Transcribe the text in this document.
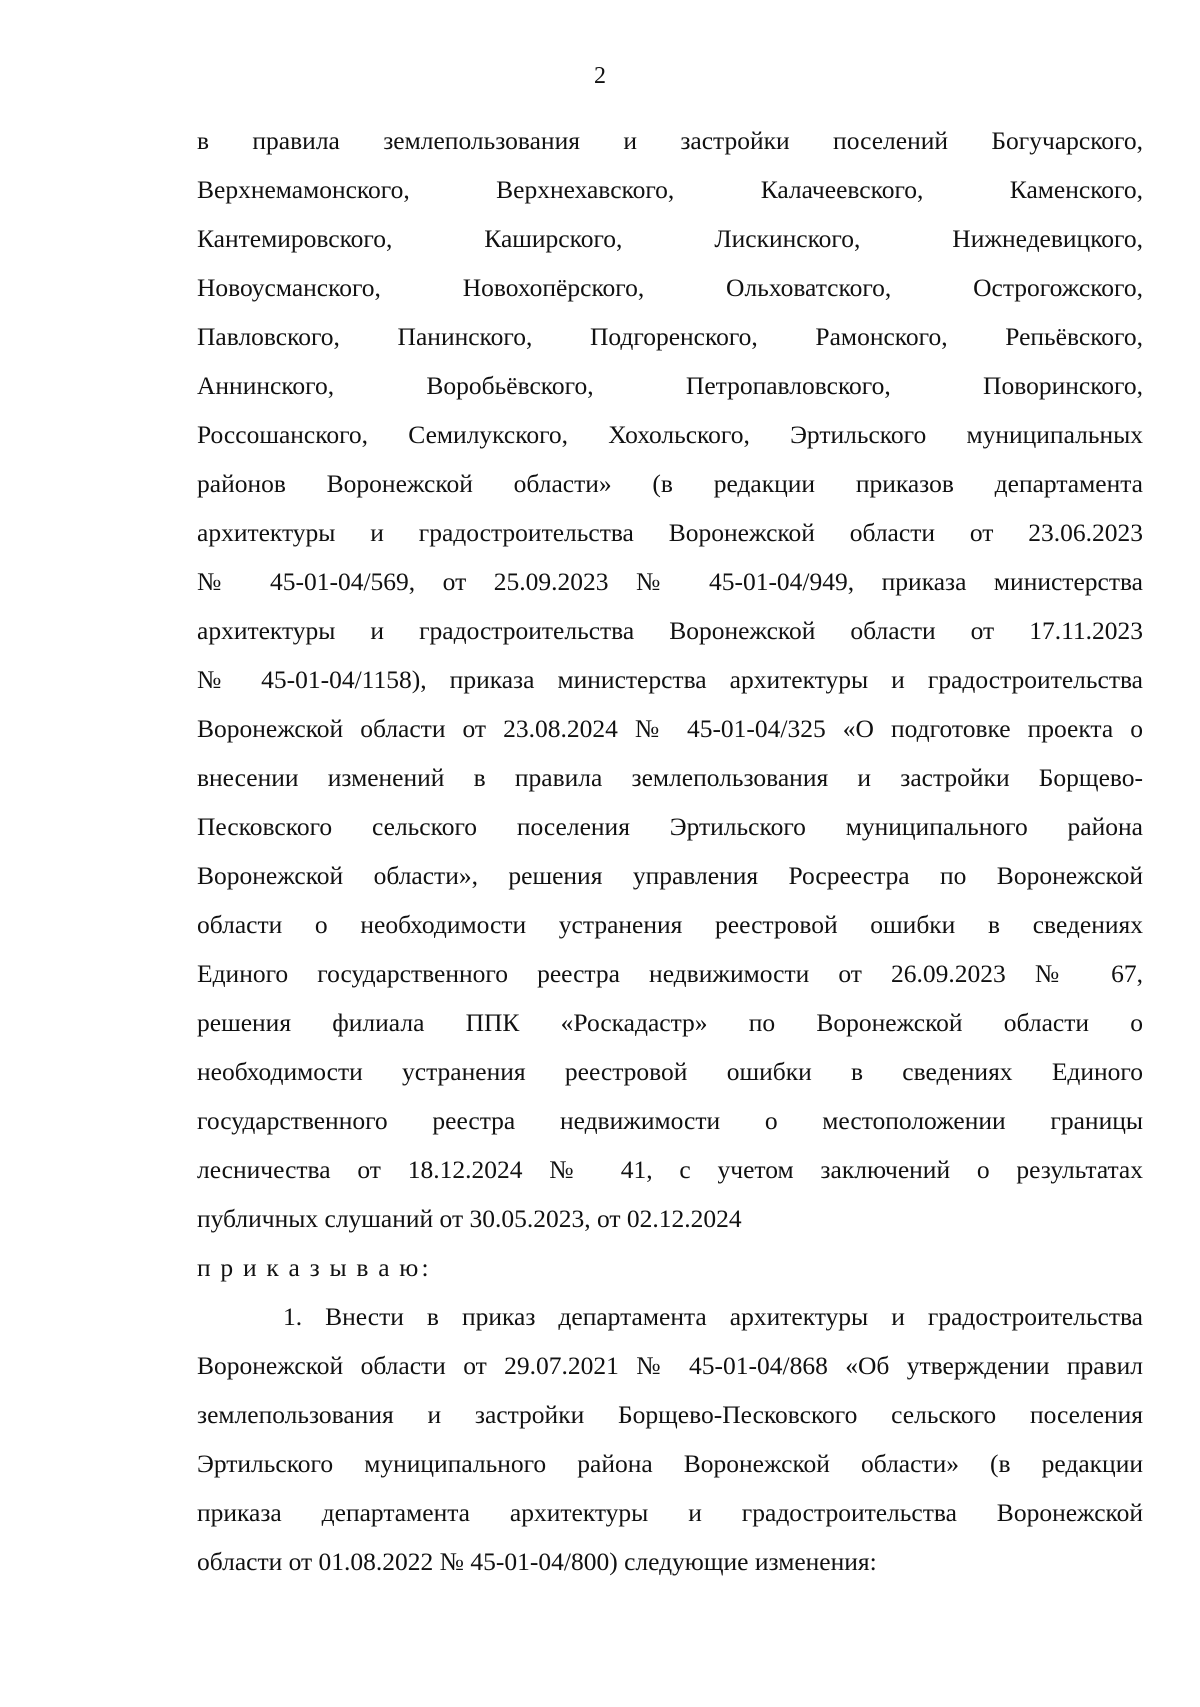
2
в правила землепользования и застройки поселений Богучарского,
Верхнемамонского, Верхнехавского, Калачеевского, Каменского,
Кантемировского, Каширского, Лискинского, Нижнедевицкого,
Новоусманского, Новохопёрского, Ольховатского, Острогожского,
Павловского, Панинского, Подгоренского, Рамонского, Репьёвского,
Аннинского, Воробьёвского, Петропавловского, Поворинского,
Россошанского, Семилукского, Хохольского, Эртильского муниципальных
районов Воронежской области» (в редакции приказов департамента
архитектуры и градостроительства Воронежской области от 23.06.2023
№ 45-01-04/569, от 25.09.2023 № 45-01-04/949, приказа министерства
архитектуры и градостроительства Воронежской области от 17.11.2023
№ 45-01-04/1158), приказа министерства архитектуры и градостроительства
Воронежской области от 23.08.2024 № 45-01-04/325 «О подготовке проекта о
внесении изменений в правила землепользования и застройки Борщево-
Песковского сельского поселения Эртильского муниципального района
Воронежской области», решения управления Росреестра по Воронежской
области о необходимости устранения реестровой ошибки в сведениях
Единого государственного реестра недвижимости от 26.09.2023 № 67,
решения филиала ППК «Роскадастр» по Воронежской области о
необходимости устранения реестровой ошибки в сведениях Единого
государственного реестра недвижимости о местоположении границы
лесничества от 18.12.2024 № 41, с учетом заключений о результатах
публичных слушаний от 30.05.2023, от 02.12.2024
п р и к а з ы в а ю:
1. Внести в приказ департамента архитектуры и градостроительства
Воронежской области от 29.07.2021 № 45-01-04/868 «Об утверждении правил
землепользования и застройки Борщево-Песковского сельского поселения
Эртильского муниципального района Воронежской области» (в редакции
приказа департамента архитектуры и градостроительства Воронежской
области от 01.08.2022 № 45-01-04/800) следующие изменения:
